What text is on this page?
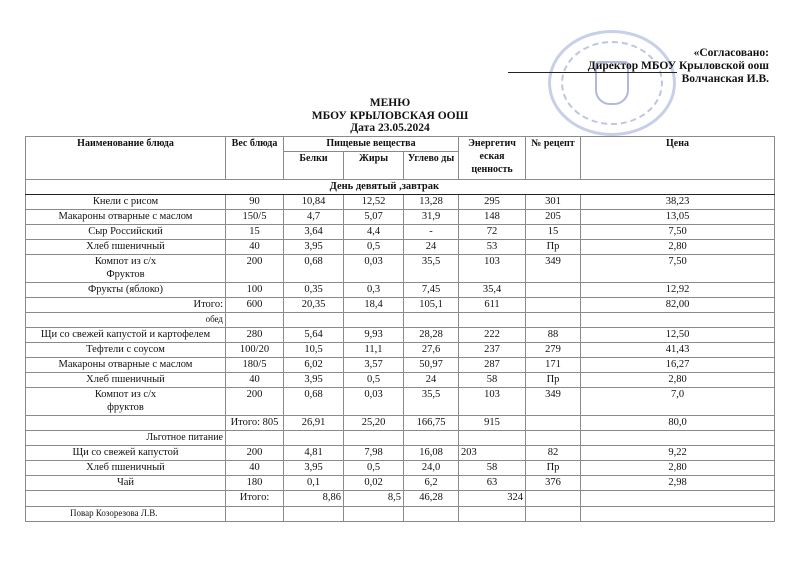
«Согласовано:
Директор МБОУ Крыловской оош
Волчанская И.В.
МЕНЮ
МБОУ КРЫЛОВСКАЯ ООШ
Дата 23.05.2024
Наименование блюда	Вес блюда	Пищевые вещества			Энергетич еская ценность	№ рецепт	Цена
		Белки	Жиры	Углево ды			
День девятый ,завтрак							
Кнели с рисом	90	10,84	12,52	13,28	295	301	38,23
Макароны отварные с маслом	150/5	4,7	5,07	31,9	148	205	13,05
Сыр Российский	15	3,64	4,4	-	72	15	7,50
Хлеб пшеничный	40	3,95	0,5	24	53	Пр	2,80
Компот из с/х
Фруктов	200	0,68	0,03	35,5	103	349	7,50
Фрукты (яблоко)	100	0,35	0,3	7,45	35,4		12,92
Итого:	600	20,35	18,4	105,1	611		82,00
обед							
Щи со свежей капустой и картофелем	280	5,64	9,93	28,28	222	88	12,50
Тефтели с соусом	100/20	10,5	11,1	27,6	237	279	41,43
Макароны отварные с маслом	180/5	6,02	3,57	50,97	287	171	16,27
Хлеб пшеничный	40	3,95	0,5	24	58	Пр	2,80
Компот из с/х
фруктов	200	0,68	0,03	35,5	103	349	7,0
	Итого: 805	26,91	25,20	166,75	915		80,0
Льготное питание							
Щи со свежей капустой	200	4,81	7,98	16,08	203	82	9,22
Хлеб пшеничный	40	3,95	0,5	24,0	58	Пр	2,80
Чай	180	0,1	0,02	6,2	63	376	2,98
	Итого:	8,86	8,5	46,28	324		
Повар Козорезова Л.В.							
